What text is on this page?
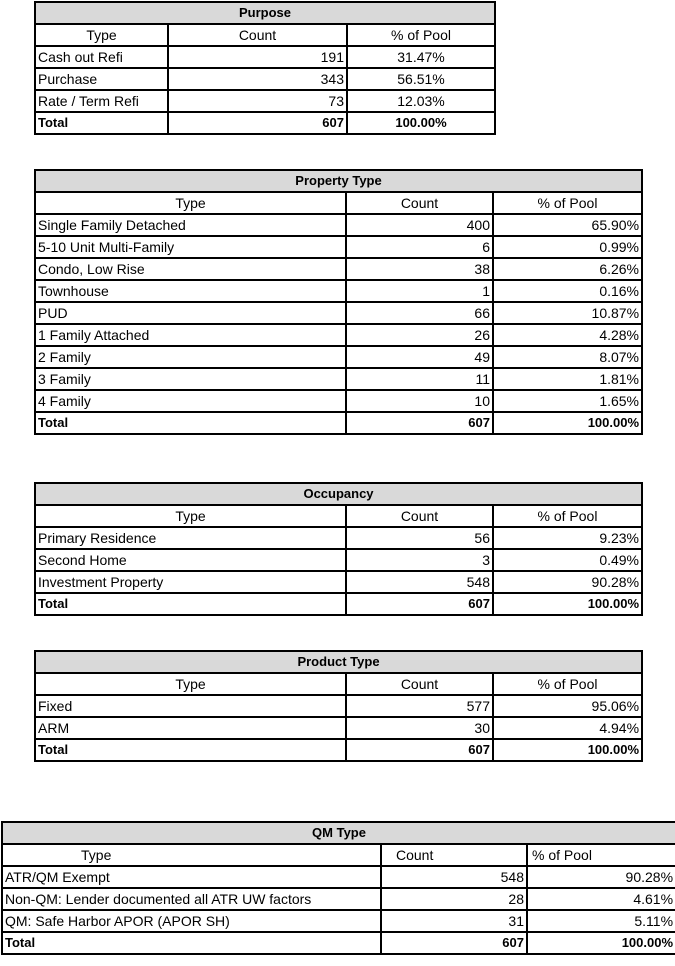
Purpose		
Type	Count	% of Pool
Cash out Refi	191	31.47%
Purchase	343	56.51%
Rate / Term Refi	73	12.03%
Total	607	100.00%
Property Type		
Type	Count	% of Pool
Single Family Detached	400	65.90%
5-10 Unit Multi-Family	6	0.99%
Condo, Low Rise	38	6.26%
Townhouse	1	0.16%
PUD	66	10.87%
1 Family Attached	26	4.28%
2 Family	49	8.07%
3 Family	11	1.81%
4 Family	10	1.65%
Total	607	100.00%
Occupancy		
Type	Count	% of Pool
Primary Residence	56	9.23%
Second Home	3	0.49%
Investment Property	548	90.28%
Total	607	100.00%
Product Type		
Type	Count	% of Pool
Fixed	577	95.06%
ARM	30	4.94%
Total	607	100.00%
QM Type		
Type	Count	% of Pool
ATR/QM Exempt	548	90.28%
Non-QM: Lender documented all ATR UW factors	28	4.61%
QM: Safe Harbor APOR (APOR SH)	31	5.11%
Total	607	100.00%
